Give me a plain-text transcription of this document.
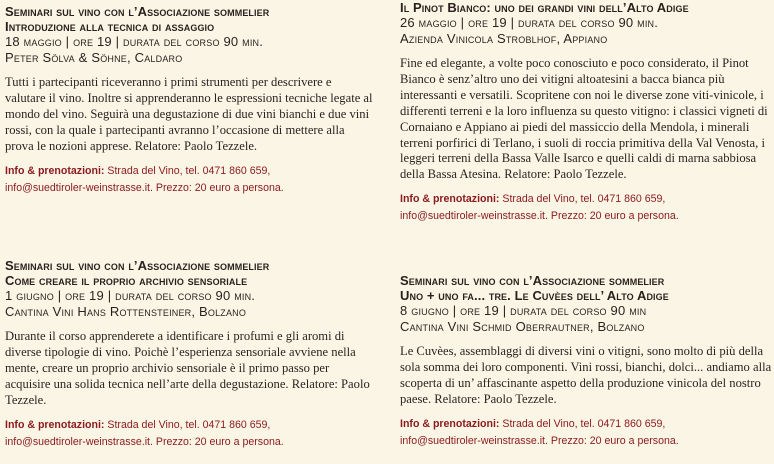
Seminari sul vino con l’Associazione sommelier
Introduzione alla tecnica di assaggio
18 maggio | ore 19 | durata del corso 90 min.
Peter Sölva & Söhne, Caldaro
Tutti i partecipanti riceveranno i primi strumenti per descrivere e valutare il vino. Inoltre si apprenderanno le espressioni tecniche legate al mondo del vino. Seguirà una degustazione di due vini bianchi e due vini rossi, con la quale i partecipanti avranno l’occasione di mettere alla prova le nozioni apprese. Relatore: Paolo Tezzele.
Info & prenotazioni: Strada del Vino, tel. 0471 860 659,
info@suedtiroler-weinstrasse.it. Prezzo: 20 euro a persona.
Seminari sul vino con l’Associazione sommelier
Come creare il proprio archivio sensoriale
1 giugno | ore 19 | durata del corso 90 min.
Cantina Vini Hans Rottensteiner, Bolzano
Durante il corso apprenderete a identificare i profumi e gli aromi di diverse tipologie di vino. Poichè l’esperienza sensoriale avviene nella mente, creare un proprio archivio sensoriale è il primo passo per acquisire una solida tecnica nell’arte della degustazione. Relatore: Paolo Tezzele.
Info & prenotazioni: Strada del Vino, tel. 0471 860 659,
info@suedtiroler-weinstrasse.it. Prezzo: 20 euro a persona.
Il Pinot Bianco: uno dei grandi vini dell’Alto Adige
26 maggio | ore 19 | durata del corso 90 min.
Azienda Vinicola Stroblhof, Appiano
Fine ed elegante, a volte poco conosciuto e poco considerato, il Pinot Bianco è senz’altro uno dei vitigni altoatesini a bacca bianca più interessanti e versatili. Scopritene con noi le diverse zone viti-vinicole, i differenti terreni e la loro influenza su questo vitigno: i classici vigneti di Cornaiano e Appiano ai piedi del massiccio della Mendola, i minerali terreni porfirici di Terlano, i suoli di roccia primitiva della Val Venosta, i leggeri terreni della Bassa Valle Isarco e quelli caldi di marna sabbiosa della Bassa Atesina. Relatore: Paolo Tezzele.
Info & prenotazioni: Strada del Vino, tel. 0471 860 659,
info@suedtiroler-weinstrasse.it. Prezzo: 20 euro a persona.
Seminari sul vino con l’Associazione sommelier
Uno + uno fa... tre. Le Cuvèes dell’ Alto Adige
8 giugno | ore 19 | durata del corso 90 min
Cantina Vini Schmid Oberrautner, Bolzano
Le Cuvèes, assemblaggi di diversi vini o vitigni, sono molto di più della sola somma dei loro componenti. Vini rossi, bianchi, dolci... andiamo alla scoperta di un’ affascinante aspetto della produzione vinicola del nostro paese. Relatore: Paolo Tezzele.
Info & prenotazioni: Strada del Vino, tel. 0471 860 659,
info@suedtiroler-weinstrasse.it. Prezzo: 20 euro a persona.
